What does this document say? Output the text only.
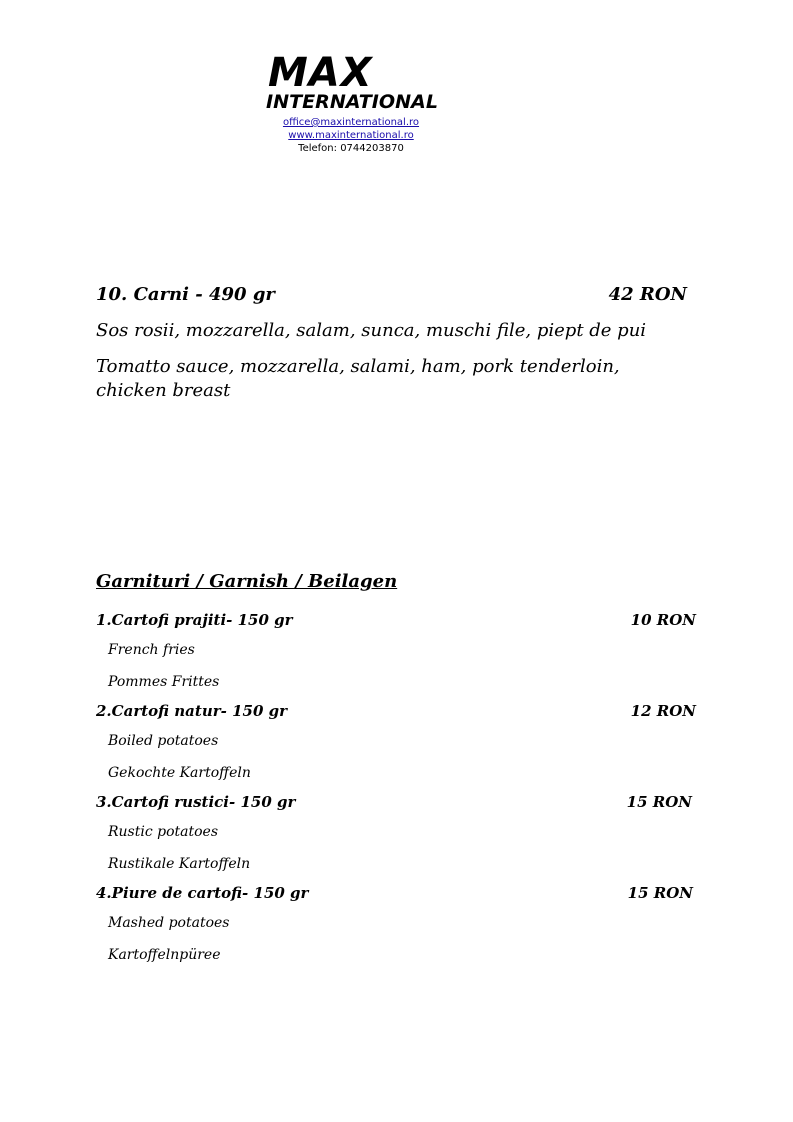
MAX
INTERNATIONAL
office@maxinternational.ro
www.maxinternational.ro
Telefon: 0744203870
10. Carni - 490 gr	42 RON
Sos rosii, mozzarella, salam, sunca, muschi file, piept de pui
Tomatto sauce, mozzarella, salami, ham, pork tenderloin, chicken breast
Garnituri / Garnish / Beilagen
1.Cartofi prajiti- 150 gr	10 RON
French fries
Pommes Frittes
2.Cartofi natur- 150 gr	12 RON
Boiled potatoes
Gekochte Kartoffeln
3.Cartofi rustici- 150 gr	15 RON
Rustic potatoes
Rustikale Kartoffeln
4.Piure de cartofi- 150 gr	15 RON
Mashed potatoes
Kartoffelnpüree
